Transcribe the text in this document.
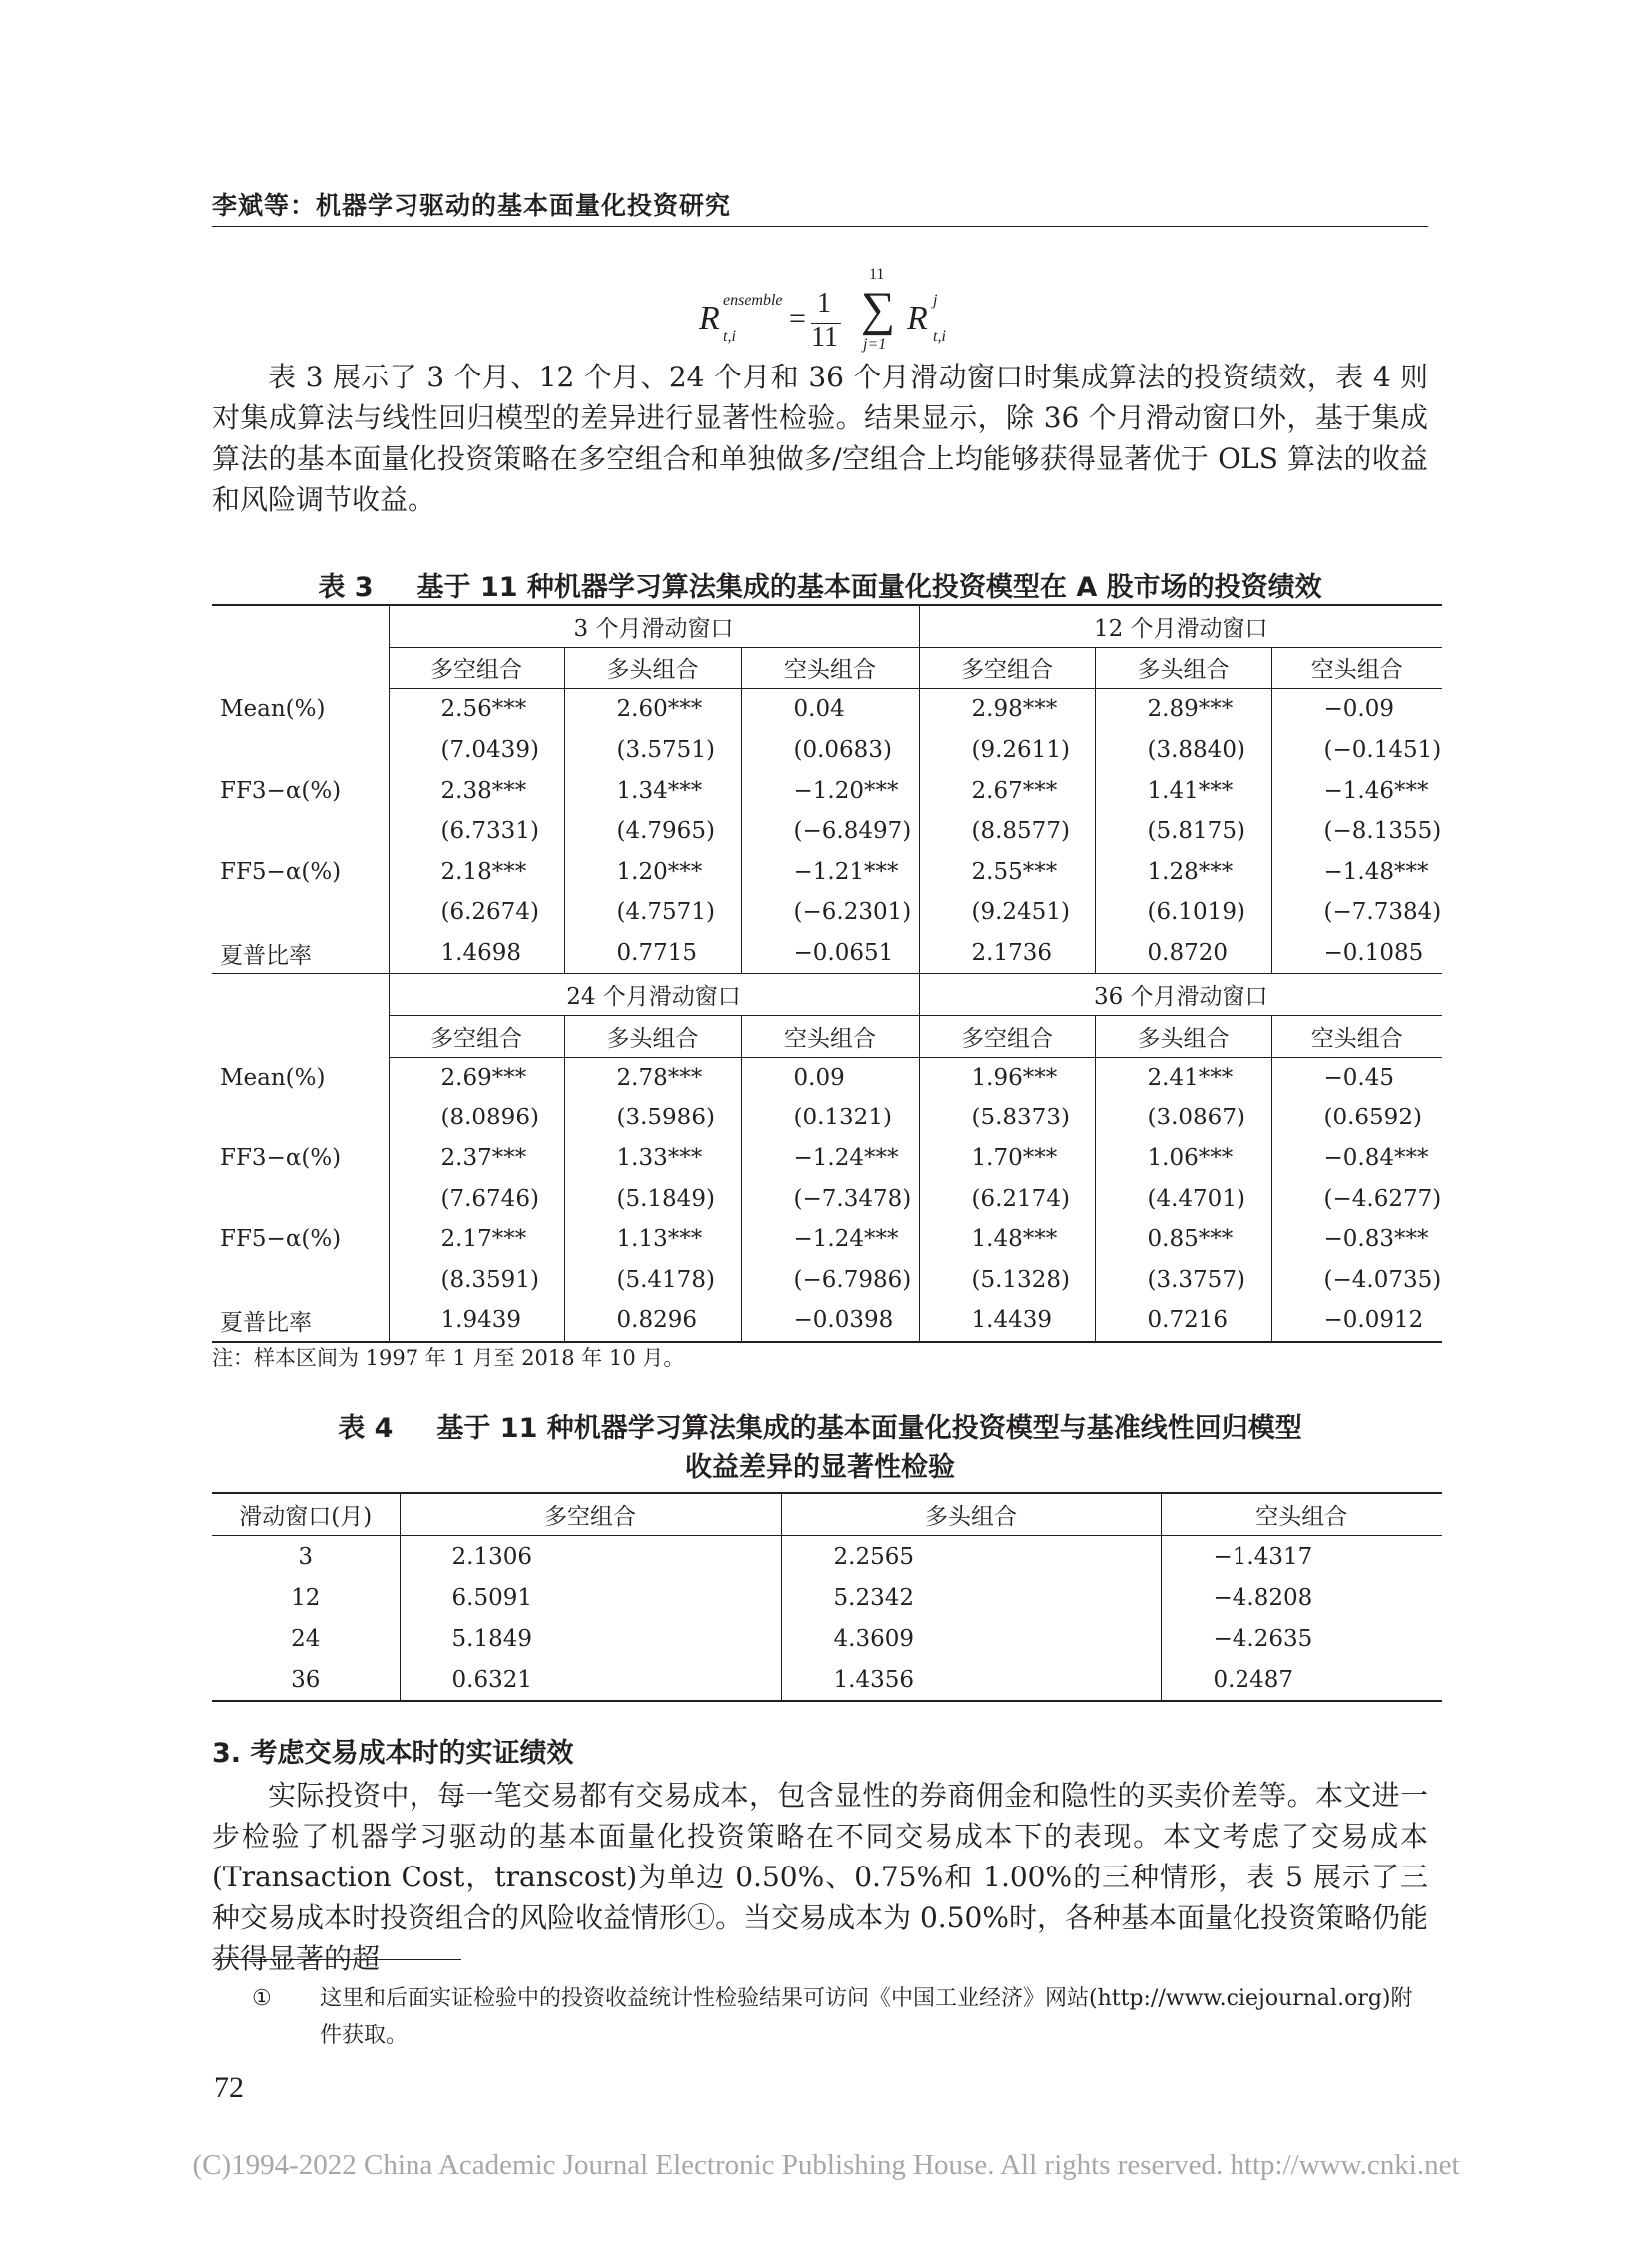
李斌等：机器学习驱动的基本面量化投资研究
R ensemble
t,i
= 1
11
11
∑
j=1
R j
t,i
表 3 展示了 3 个月、12 个月、24 个月和 36 个月滑动窗口时集成算法的投资绩效，表 4 则对集成算法与线性回归模型的差异进行显著性检验。结果显示，除 36 个月滑动窗口外，基于集成算法的基本面量化投资策略在多空组合和单独做多/空组合上均能够获得显著优于 OLS 算法的收益和风险调节收益。
表 3 基于 11 种机器学习算法集成的基本面量化投资模型在 A 股市场的投资绩效
	3 个月滑动窗口			12 个月滑动窗口		
	多空组合	多头组合	空头组合	多空组合	多头组合	空头组合
Mean(%)	2.56***	2.60***	0.04	2.98***	2.89***	−0.09
	(7.0439)	(3.5751)	(0.0683)	(9.2611)	(3.8840)	(−0.1451)
FF3−α(%)	2.38***	1.34***	−1.20***	2.67***	1.41***	−1.46***
	(6.7331)	(4.7965)	(−6.8497)	(8.8577)	(5.8175)	(−8.1355)
FF5−α(%)	2.18***	1.20***	−1.21***	2.55***	1.28***	−1.48***
	(6.2674)	(4.7571)	(−6.2301)	(9.2451)	(6.1019)	(−7.7384)
夏普比率	1.4698	0.7715	−0.0651	2.1736	0.8720	−0.1085
	24 个月滑动窗口			36 个月滑动窗口		
	多空组合	多头组合	空头组合	多空组合	多头组合	空头组合
Mean(%)	2.69***	2.78***	0.09	1.96***	2.41***	−0.45
	(8.0896)	(3.5986)	(0.1321)	(5.8373)	(3.0867)	(0.6592)
FF3−α(%)	2.37***	1.33***	−1.24***	1.70***	1.06***	−0.84***
	(7.6746)	(5.1849)	(−7.3478)	(6.2174)	(4.4701)	(−4.6277)
FF5−α(%)	2.17***	1.13***	−1.24***	1.48***	0.85***	−0.83***
	(8.3591)	(5.4178)	(−6.7986)	(5.1328)	(3.3757)	(−4.0735)
夏普比率	1.9439	0.8296	−0.0398	1.4439	0.7216	−0.0912
注：样本区间为 1997 年 1 月至 2018 年 10 月。
表 4 基于 11 种机器学习算法集成的基本面量化投资模型与基准线性回归模型
收益差异的显著性检验
滑动窗口(月)	多空组合	多头组合	空头组合
3	2.1306	2.2565	−1.4317
12	6.5091	5.2342	−4.8208
24	5.1849	4.3609	−4.2635
36	0.6321	1.4356	0.2487
3. 考虑交易成本时的实证绩效
实际投资中，每一笔交易都有交易成本，包含显性的券商佣金和隐性的买卖价差等。本文进一步检验了机器学习驱动的基本面量化投资策略在不同交易成本下的表现。本文考虑了交易成本(Transaction Cost，transcost)为单边 0.50%、0.75%和 1.00%的三种情形，表 5 展示了三种交易成本时投资组合的风险收益情形①。当交易成本为 0.50%时，各种基本面量化投资策略仍能获得显著的超
① 这里和后面实证检验中的投资收益统计性检验结果可访问《中国工业经济》网站(http://www.ciejournal.org)附件获取。
72
(C)1994-2022 China Academic Journal Electronic Publishing House. All rights reserved. http://www.cnki.net
